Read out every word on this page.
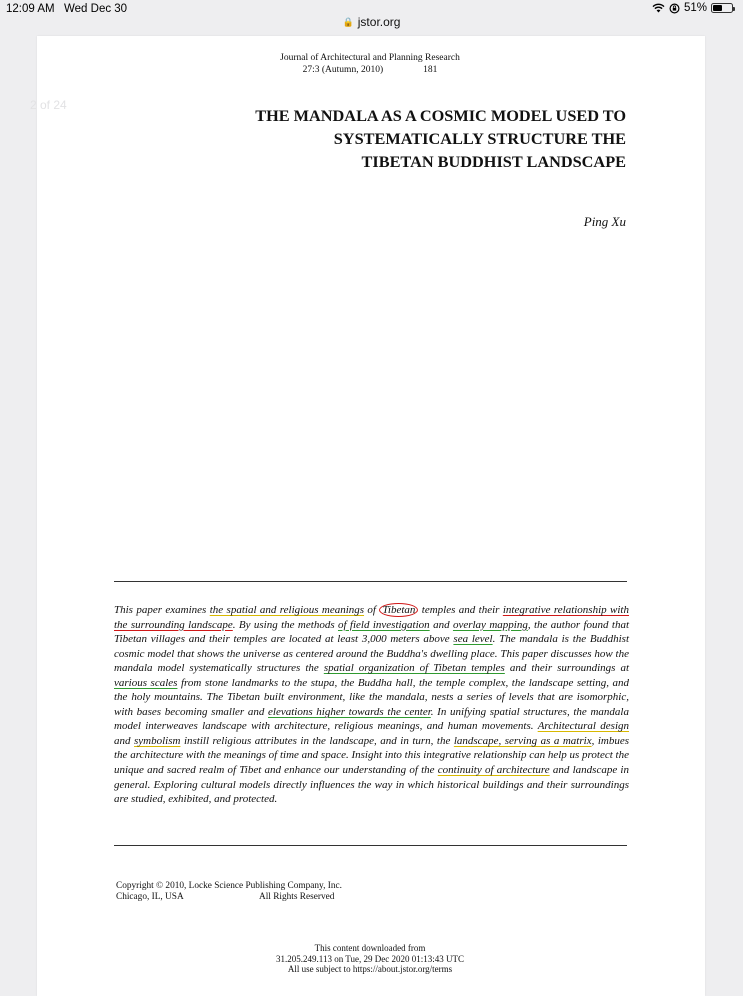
12:09 AM Wed Dec 30	51%
🔒 jstor.org
2 of 24
Journal of Architectural and Planning Research
27:3 (Autumn, 2010)	181
THE MANDALA AS A COSMIC MODEL USED TO
SYSTEMATICALLY STRUCTURE THE
TIBETAN BUDDHIST LANDSCAPE
Ping Xu

This paper examines the spatial and religious meanings of Tibetan temples and their integrative relationship with the surrounding landscape. By using the methods of field investigation and overlay mapping, the author found that Tibetan villages and their temples are located at least 3,000 meters above sea level. The mandala is the Buddhist cosmic model that shows the universe as centered around the Buddha's dwelling place. This paper discusses how the mandala model systematically structures the spatial organization of Tibetan temples and their surroundings at various scales from stone landmarks to the stupa, the Buddha hall, the temple complex, the landscape setting, and the holy mountains. The Tibetan built environment, like the mandala, nests a series of levels that are isomorphic, with bases becoming smaller and elevations higher towards the center. In unifying spatial structures, the mandala model interweaves landscape with architecture, religious meanings, and human movements. Architectural design and symbolism instill religious attributes in the landscape, and in turn, the landscape, serving as a matrix, imbues the architecture with the meanings of time and space. Insight into this integrative relationship can help us protect the unique and sacred realm of Tibet and enhance our understanding of the continuity of architecture and landscape in general. Exploring cultural models directly influences the way in which historical buildings and their surroundings are studied, exhibited, and protected.

Copyright © 2010, Locke Science Publishing Company, Inc.
Chicago, IL, USA	All Rights Reserved
This content downloaded from
31.205.249.113 on Tue, 29 Dec 2020 01:13:43 UTC
All use subject to https://about.jstor.org/terms
